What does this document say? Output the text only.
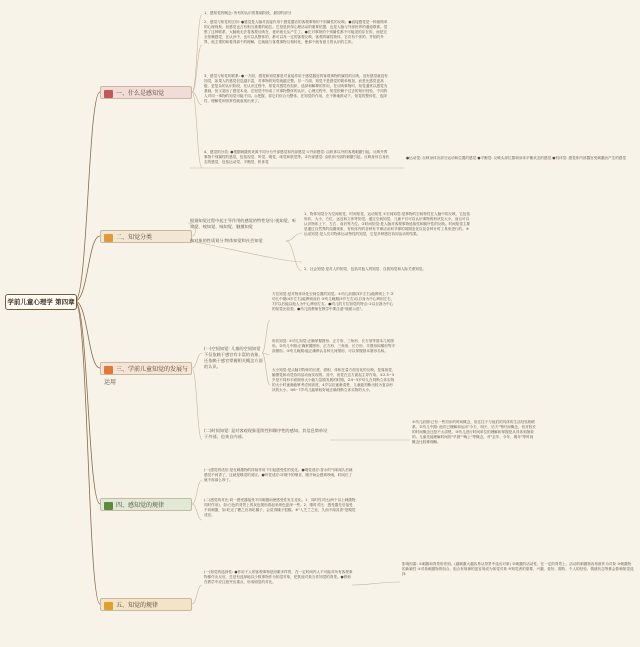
学前儿童心理学 第四章
一、什么是感知觉
二、知觉分类
三、学前儿童知觉的发展与运用
四、感知觉的规律
五、知觉的规律
1、感知觉的概念: 所有的认识的基础阶段，最初的部分
2、感觉与知觉的区别: ●感觉是人脑对直接作用于感觉器官的客观事物的个别属性的反映。●直接感觉是一种最简单的心理现象，但感觉也占有相当重要的地位。它是是获得心理活动的重要依据，也是人脑与外部世界的通道联系。觉察了这种联系，大脑就无法将客观反映在，意识就无从产生了。●在对事物的个别属性都不可能见的存在的，而是完全依赖感觉，在认识中，也可以从整体的，都可以具一定的客观反映，客观的属性物体，它们有个体的，并知的外界，他主观的和看得那个的理解，它就能与客观事物互相转化，使那个就有意义的认识的主体。
3、感觉与知觉的联系: ●一方面，感觉和知觉都是对直接作用于感觉器官的客观事物的属性的反映，没有感觉就没有知觉，如果人的感觉信息越丰富，对事物的知觉就越完整。另一方面，知觉不是感觉的简单相加，而是比感觉更高级、更复杂的认识阶段，在认识过程中，知觉对感觉有组织、选择和解释的作用，在反映事物时，知觉通常以感觉为基础，但又超出了感觉本身，在知觉中形成了对事物整体的认识，心理过程中，知觉依赖于过去的知识经验，不同的人对同一事物的知觉可能不同。◎把握，将它们综合为整体，在知觉的作用，在不断地推动下，知觉的整体性、选择性、理解性和恒常性就表现出来了。
4、感觉的分类: ●根据刺激的来源不同分为外部感觉和内部感觉 ①外部感觉: 由机体以外的客观刺激引起，反映外界事物个别属性的感觉，包括视觉、听觉、嗅觉、味觉和肤觉等。②内部感觉: 由机体内部的刺激引起，反映身体自身状态的感觉，包括运动觉、平衡觉、机体觉
●运动觉: 反映身体各部分运动和位置的感觉 ●平衡觉: 反映头部位置和身体平衡状态的感觉 ●机体觉: 感觉体内部器官受刺激而产生的感觉
根据知觉过程中起主导作用的感觉的特性划分:视知觉、听知觉、嗅知觉、味知觉、触摸知觉
按对象的性质划分:物体知觉和社会知觉
1、物体知觉分为空间知觉、时间知觉、运动知觉 ①空间知觉:是事物的空间特性在人脑中的反映，它包括形状、大小、方位、远近和立体等知觉。通过空间知觉，儿童不仅可以认识事物的形状及大小，而且可以认识物体上下、左右、前后等方位。②时间知觉:是人脑对客观事物延续性和顺序性的反映。时间知觉主要是通过自然界的周期现象，有机体内的各种有节律活动和节律的周期变化以及各种计时工具来进行的。③运动知觉:是人们对物体运动特性的知觉，它是多种感官协同活动的结果。
2、社会知觉:是对人的知觉，包括对他人的知觉、自我知觉和人际关系知觉。
(一)空间知觉: 儿童的空间知觉不仅依赖于感官有丰富的表象，还依赖于感官掌握相关概念方面的认识。
方位知觉:是对物体所处空间位置的知觉。①幼儿前期(3岁左右)能辨别上下 ②幼儿中期(4岁左右)能辨别前后 ③幼儿晚期(5岁左右)以自身为中心辨别左右，7岁以后能以他人为中心辨别左右。●幼儿的方位知觉的特点:①以自我为中心的知觉比较差。●幼儿园教师在教学中要注意"镜面示范"。
形状知觉: ①幼儿知觉:正确掌握圆形、正方形、三角形、长方形等基本几何图形。②幼儿中期:正确掌握圆形、正方形、三角形、长方形、半圆形和梯形等平面图形。③幼儿晚期:能正确辨认各种几何图形，可以掌握基本图形名称。
大小知觉:是头脑对物体的长度、面积、体积在量方面变化的反映。是靠视觉、触摸觉和动觉协同活动而实现的。其中，视觉在这方面起主导作用。①2.5~3岁是不同形平面图形大小能力急剧发展的时期。②4~5岁幼儿在判断立体实物的大小时逐渐能够考虑到高度，4岁以后逐渐清楚，儿童能判断出较为复杂形状的大小。③6~7岁幼儿能够较好地正确判断立体实物的大小。
(二)时间知觉: 是对客观现象延续性和顺序性的感知。其信息简单设于外部，也来自内部。
①幼儿前期:已有一些初步的时间概念，但往往于与他们的具体的生活经验相联系。②幼儿中期: 他们已理解和运用"今天、明天、后天"等时间概念，但对较长的时间概念还是不太清楚。③幼儿进行时间单位的理解和掌握是从具体到抽象的。儿童先能理解时间的"早晨""晚上"等概念，对"去年、今年、明年"等时间概念比较难理解。
(一)感觉的适应:是在刺激物的持续作用下引起感受性的变化。●嗅觉适应:香水的气味闻久后就感觉不到香了，这就是嗅觉的适应。●听觉适应:环境中的噪音，刚开始会感到吵闹，时间长了就不再那么吵了。
(二)感觉的对比:同一感受器接受不同刺激而使感受性发生变化。1、同时性对比(两个以上刺激物同时作用)，如:白色的背景上的灰色图形看起来颜色更深一些。2、继时对比：感受器先后接受不同刺激，如:吃完了糖之后再吃橘子，会觉得橘子很酸。⑥"入芝兰之室，久而不闻其香"是嗅觉适应。
(一)知觉的选择性: ●作用于人的客观事物是纷繁多样的，在一定时间内人不可能对所有客观事物都作出反应，总是有选择地以少数事物作为知觉对象，把其他对象当作知觉的背景。●教师在教学中应注意突出重点，形成明显的对比。
影响因素: ①刺激和背景的差别。(越刺激大越容易从背景中选出对象) ②刺激的活动性，在一定的背景上，活动的刺激物容易被作为对象 ③刺激物的新颖性 ④对象刺激物的组合，组合有规律的更容易成为知觉对象 ⑤知觉者的需要、兴趣、爱好、期待、个人的经验、情绪状态等都会影响知觉选择
